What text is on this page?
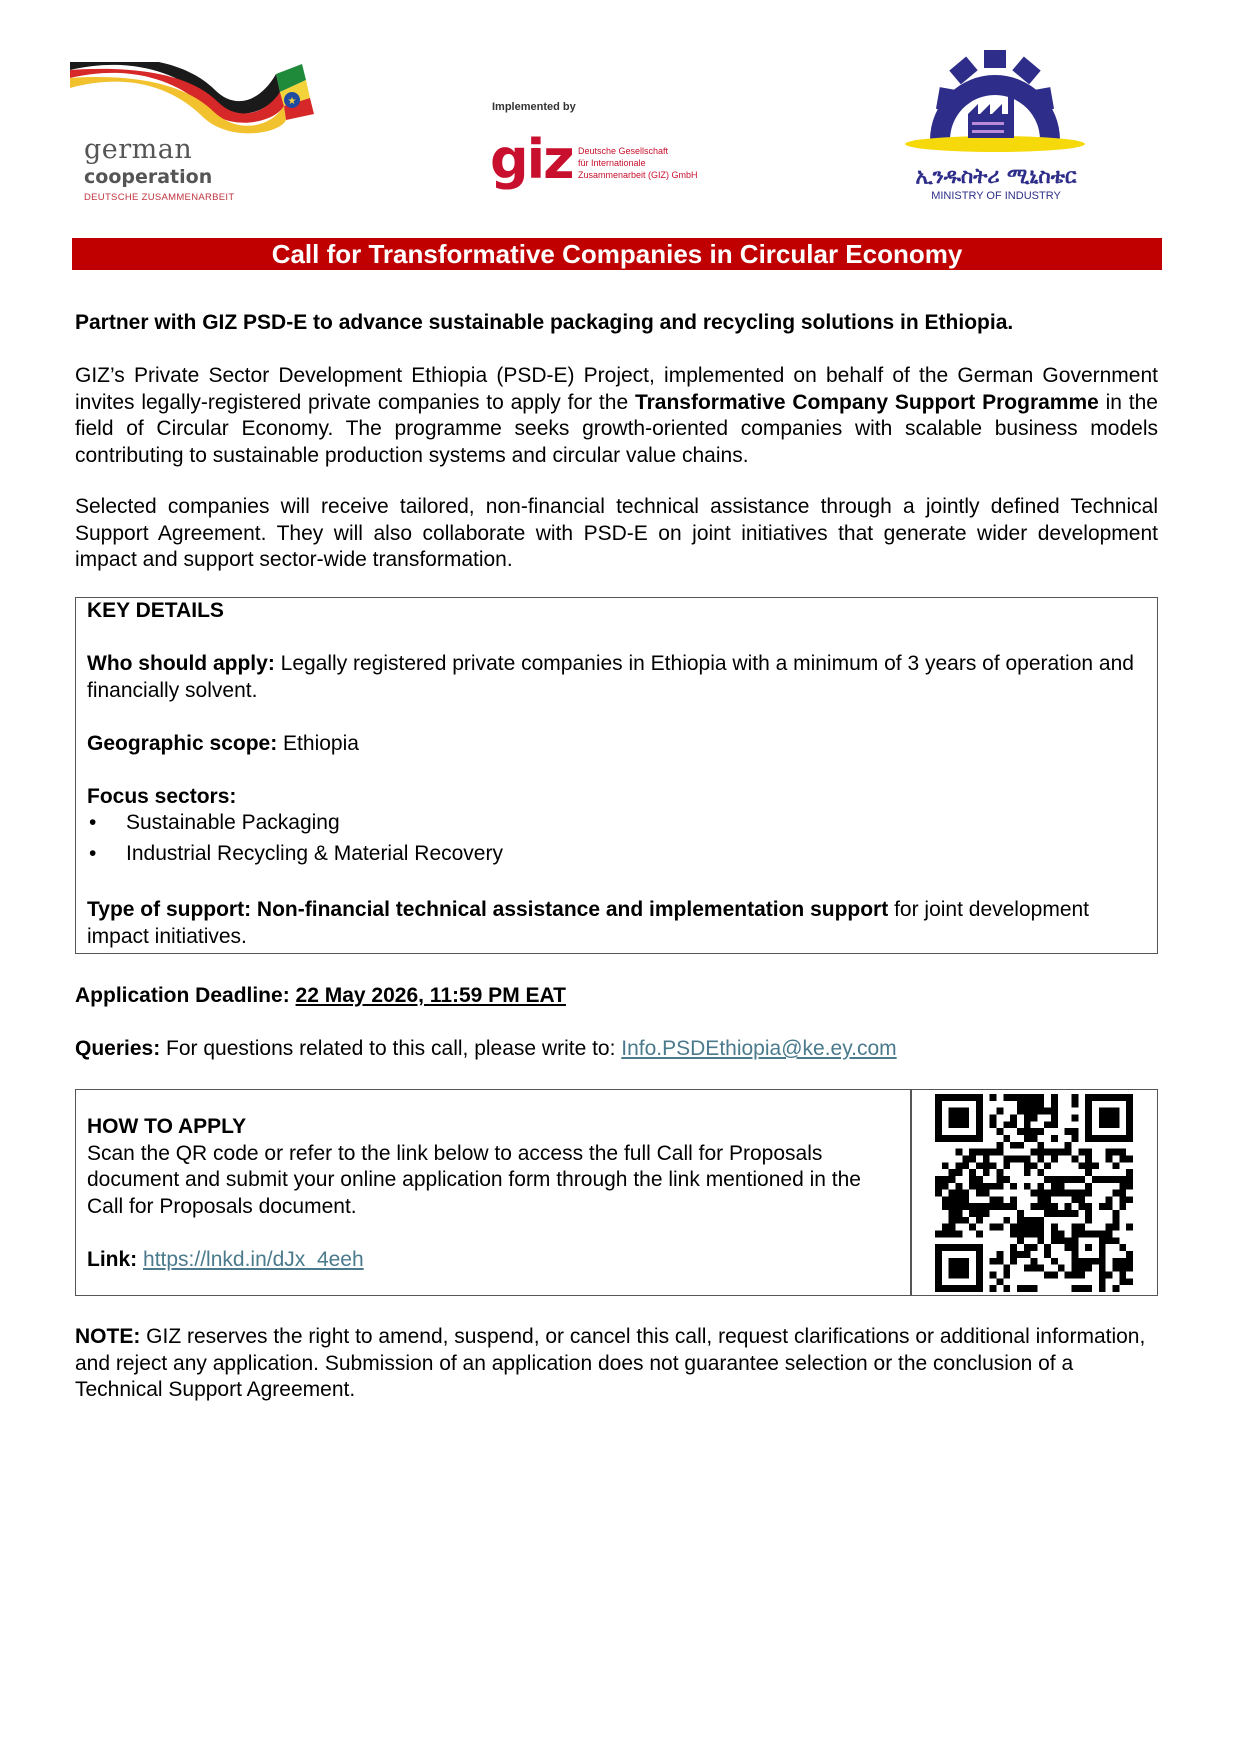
★
german
cooperation
DEUTSCHE ZUSAMMENARBEIT
Implemented by
giz Deutsche Gesellschaft
für Internationale
Zusammenarbeit (GIZ) GmbH	ኢንዱስትሪ ሚኒስቴር
MINISTRY OF INDUSTRY
Call for Transformative Companies in Circular Economy
Partner with GIZ PSD-E to advance sustainable packaging and recycling solutions in Ethiopia.
GIZ’s Private Sector Development Ethiopia (PSD-E) Project, implemented on behalf of the German Government invites legally-registered private companies to apply for the Transformative Company Support Programme in the field of Circular Economy. The programme seeks growth-oriented companies with scalable business models contributing to sustainable production systems and circular value chains.
Selected companies will receive tailored, non-financial technical assistance through a jointly defined Technical Support Agreement. They will also collaborate with PSD-E on joint initiatives that generate wider development impact and support sector-wide transformation.
KEY DETAILS
Who should apply: Legally registered private companies in Ethiopia with a minimum of 3 years of operation and financially solvent.
Geographic scope: Ethiopia
Focus sectors:
•	Sustainable Packaging
•	Industrial Recycling & Material Recovery
Type of support: Non-financial technical assistance and implementation support for joint development impact initiatives.
Application Deadline: 22 May 2026, 11:59 PM EAT
Queries: For questions related to this call, please write to: Info.PSDEthiopia@ke.ey.com
HOW TO APPLY
Scan the QR code or refer to the link below to access the full Call for Proposals document and submit your online application form through the link mentioned in the Call for Proposals document.
Link: https://lnkd.in/dJx_4eeh
NOTE: GIZ reserves the right to amend, suspend, or cancel this call, request clarifications or additional information, and reject any application. Submission of an application does not guarantee selection or the conclusion of a Technical Support Agreement.
